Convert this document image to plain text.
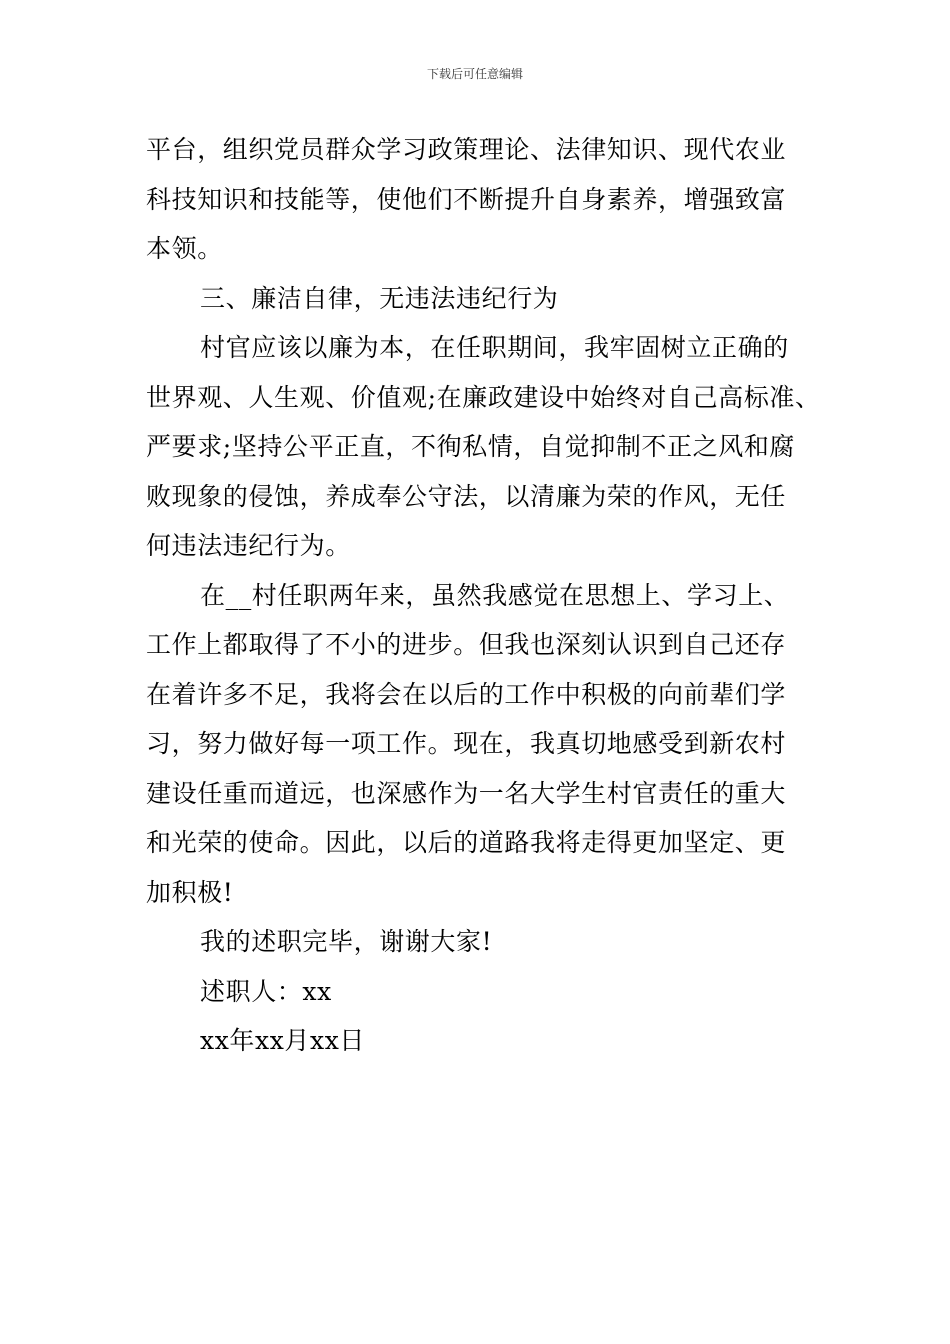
下载后可任意编辑

平台，组织党员群众学习政策理论、法律知识、现代农业
科技知识和技能等，使他们不断提升自身素养，增强致富
本领。

三、廉洁自律，无违法违纪行为

村官应该以廉为本，在任职期间，我牢固树立正确的

世界观、人生观、价值观;在廉政建设中始终对自己高标准、
严要求;坚持公平正直，不徇私情，自觉抑制不正之风和腐
败现象的侵蚀，养成奉公守法，以清廉为荣的作风，无任
何违法违纪行为。

在__村任职两年来，虽然我感觉在思想上、学习上、

工作上都取得了不小的进步。但我也深刻认识到自己还存
在着许多不足，我将会在以后的工作中积极的向前辈们学
习，努力做好每一项工作。现在，我真切地感受到新农村
建设任重而道远，也深感作为一名大学生村官责任的重大
和光荣的使命。因此，以后的道路我将走得更加坚定、更
加积极!

我的述职完毕，谢谢大家!

述职人：xx

xx年xx月xx日
